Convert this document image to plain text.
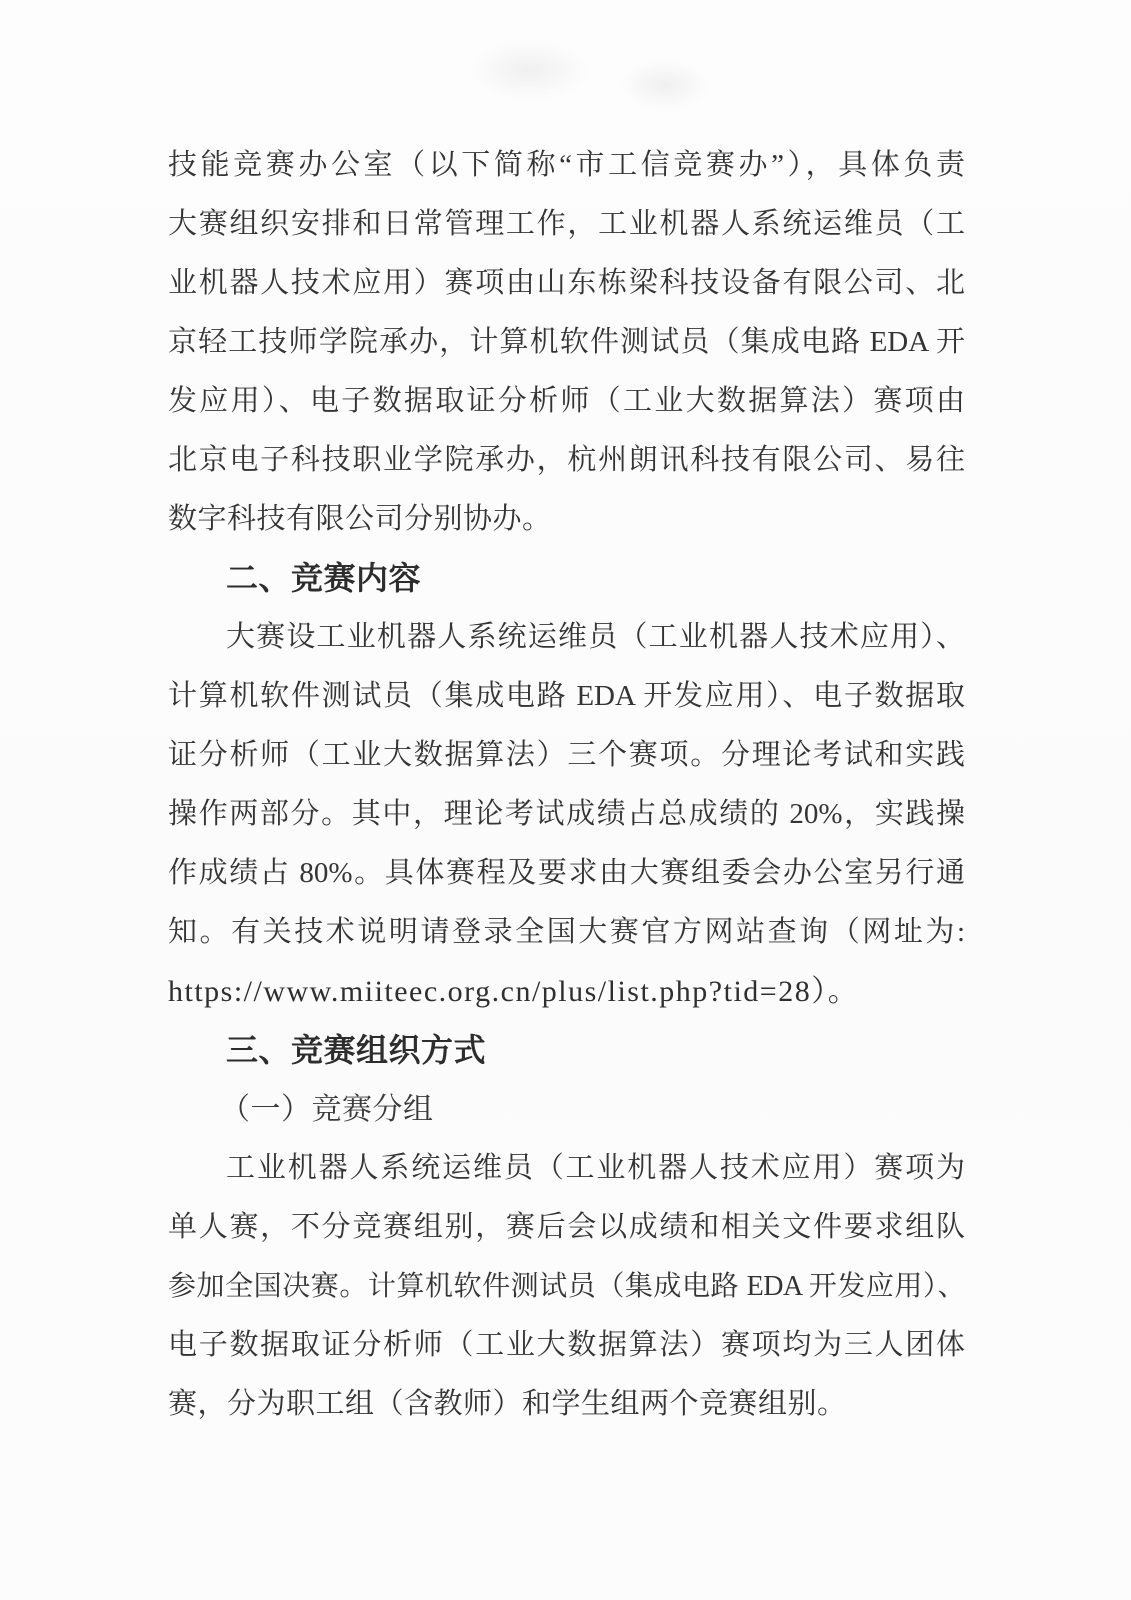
技能竞赛办公室（以下简称“市工信竞赛办”），具体负责
大赛组织安排和日常管理工作，工业机器人系统运维员（工
业机器人技术应用）赛项由山东栋梁科技设备有限公司、北
京轻工技师学院承办，计算机软件测试员（集成电路 EDA 开
发应用）、电子数据取证分析师（工业大数据算法）赛项由
北京电子科技职业学院承办，杭州朗讯科技有限公司、易往
数字科技有限公司分别协办。
二、竞赛内容
大赛设工业机器人系统运维员（工业机器人技术应用）、
计算机软件测试员（集成电路 EDA 开发应用）、电子数据取
证分析师（工业大数据算法）三个赛项。分理论考试和实践
操作两部分。其中，理论考试成绩占总成绩的 20%，实践操
作成绩占 80%。具体赛程及要求由大赛组委会办公室另行通
知。有关技术说明请登录全国大赛官方网站查询（网址为:
https://www.miiteec.org.cn/plus/list.php?tid=28）。
三、竞赛组织方式
（一）竞赛分组
工业机器人系统运维员（工业机器人技术应用）赛项为
单人赛，不分竞赛组别，赛后会以成绩和相关文件要求组队
参加全国决赛。计算机软件测试员（集成电路 EDA 开发应用）、
电子数据取证分析师（工业大数据算法）赛项均为三人团体
赛，分为职工组（含教师）和学生组两个竞赛组别。
